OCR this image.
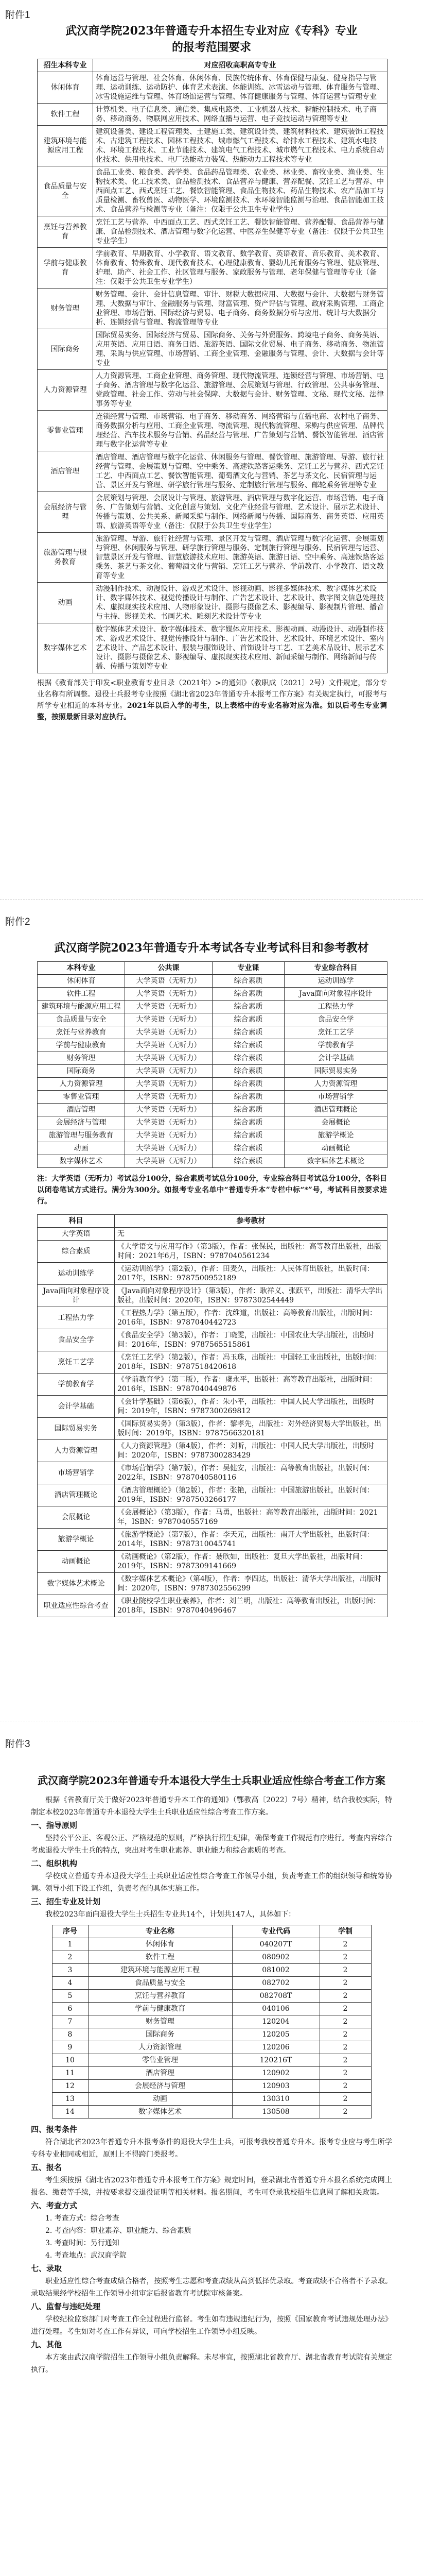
附件1

武汉商学院2023年普通专升本招生专业对应《专科》专业

的报考范围要求

招生本科专业	对应招收高职高专专业
休闲体育	体育运营与管理、社会体育、休闲体育、民族传统体育、体育保健与康复、健身指导与管理、运动训练、运动防护、体育艺术表演、体能训练、冰雪运动与管理、体育服务与管理、冰雪设施运维与管理、体育场馆运营与管理、体育健康服务与管理、体育运营与管理专业
软件工程	计算机类、电子信息类、通信类、集成电路类、工业机器人技术、智能控制技术、电子商务、移动商务、物联网应用技术、网络直播与运营、电子竞技运动与管理等专业
建筑环境与能源应用工程	建筑设备类、建设工程管理类、土建施工类、建筑设计类、建筑材料技术、建筑装饰工程技术、古建筑工程技术、园林工程技术、城市燃气工程技术、给排水工程技术、建筑水电技术、环境工程技术、工业节能技术、建筑电气工程技术、城市燃气工程技术、电力系统自动化技术、供用电技术、电厂热能动力装置、热能动力工程技术等专业
食品质量与安全	食品工业类、粮食类、药学类、食品药品管理类、农业类、林业类、畜牧业类、渔业类、生物技术类、化工技术类、食品检测技术、食品营养与健康、营养配餐、烹饪工艺与营养、中西面点工艺、西式烹饪工艺、餐饮智能管理、食品生物技术、药品生物技术、农产品加工与质量检测、畜牧兽医、动物医学、环境监测技术、水环境智能监测与治理、食品智能加工技术、食品营养与检测等专业（备注：仅限于公共卫生专业学生）
烹饪与营养教育	烹饪工艺与营养、中西面点工艺、西式烹饪工艺、餐饮智能管理、营养配餐、食品营养与健康、食品检测技术、酒店管理与数字化运营、中医养生保健等专业（备注：仅限于公共卫生专业学生）
学前与健康教育	学前教育、早期教育、小学教育、语文教育、数学教育、英语教育、音乐教育、美术教育、体育教育、特殊教育、现代教育技术、心理健康教育、婴幼儿托育服务与管理、健康管理、护理、助产、社会工作、社区管理与服务、家政服务与管理、老年保健与管理等专业（备注：仅限于公共卫生专业学生）
财务管理	财务管理、会计、会计信息管理、审计、财税大数据应用、大数据与会计、大数据与财务管理、大数据与审计、金融服务与管理、财富管理、资产评估与管理、政府采购管理、工商企业管理、市场营销、国际经济与贸易、电子商务、商务数据分析与应用、统计与大数据分析、连锁经营与管理、物流管理等专业
国际商务	国际贸易实务、国际经济与贸易、国际商务、关务与外贸服务、跨境电子商务、商务英语、应用英语、应用日语、商务日语、旅游英语、国际文化贸易、电子商务、移动商务、物流管理、采购与供应管理、市场营销、工商企业管理、金融服务与管理、会计、大数据与会计等专业
人力资源管理	人力资源管理、工商企业管理、商务管理、现代物流管理、连锁经营与管理、市场营销、电子商务、酒店管理与数字化运营、旅游管理、会展策划与管理、行政管理、公共事务管理、党政管理、社会工作、劳动与社会保障、大数据与会计、财务管理、文秘、现代文秘、法律事务等专业
零售业管理	连锁经营与管理、市场营销、电子商务、移动商务、网络营销与直播电商、农村电子商务、商务数据分析与应用、工商企业管理、物流管理、现代物流管理、采购与供应管理、品牌代理经营、汽车技术服务与营销、药品经营与管理、广告策划与营销、餐饮智能管理、酒店管理与数字化运营等专业
酒店管理	酒店管理、酒店管理与数字化运营、休闲服务与管理、餐饮管理、旅游管理、导游、旅行社经营与管理、会展策划与管理、空中乘务、高速铁路客运乘务、烹饪工艺与营养、西式烹饪工艺、中西面点工艺、餐饮智能管理、葡萄酒文化与营销、茶艺与茶文化、民宿管理与运营、景区开发与管理、研学旅行管理与服务、定制旅行管理与服务、邮轮乘务管理等专业
会展经济与管理	会展策划与管理、会展设计与管理、旅游管理、酒店管理与数字化运营、市场营销、电子商务、广告策划与营销、文化创意与策划、文化产业经营与管理、艺术设计、展示艺术设计、传播与策划、公共关系、新闻采编与制作、网络新闻与传播、国际商务、商务英语、应用英语、旅游英语等专业（备注：仅限于公共卫生专业学生）
旅游管理与服务教育	旅游管理、导游、旅行社经营与管理、景区开发与管理、酒店管理与数字化运营、会展策划与管理、休闲服务与管理、研学旅行管理与服务、定制旅行管理与服务、民宿管理与运营、智慧景区开发与管理、智慧旅游技术应用、旅游英语、旅游日语、空中乘务、高速铁路客运乘务、茶艺与茶文化、葡萄酒文化与营销、烹饪工艺与营养、学前教育、小学教育、语文教育等专业
动画	动漫制作技术、动漫设计、游戏艺术设计、影视动画、影视多媒体技术、数字媒体艺术设计、数字媒体技术、视觉传播设计与制作、广告艺术设计、艺术设计、数字图文信息处理技术、虚拟现实技术应用、人物形象设计、摄影与摄像艺术、影视编导、影视制片管理、播音与主持、影视美术、书画艺术、雕刻艺术设计等专业
数字媒体艺术	数字媒体艺术设计、数字媒体技术、数字媒体应用技术、影视动画、动漫设计、动漫制作技术、游戏艺术设计、视觉传播设计与制作、广告艺术设计、艺术设计、环境艺术设计、室内艺术设计、产品艺术设计、服装与服饰设计、首饰设计与工艺、工艺美术品设计、展示艺术设计、摄影与摄像艺术、影视编导、虚拟现实技术应用、新闻采编与制作、网络新闻与传播、传播与策划等专业
根据《教育部关于印发<职业教育专业目录（2021年）>的通知》（教职成〔2021〕2号）文件规定，部分专业名称有所调整。退役士兵报考专业按照《湖北省2023年普通专升本报考工作方案》有关规定执行，可报考与所学专业相近的本科专业。2021年以后入学的考生，以上表格中的专业名称对应为准。如以后考生专业调整，按照最新目录对应执行。
附件2

武汉商学院2023年普通专升本考试各专业考试科目和参考教材

本科专业	公共课	专业课	专业综合科目
休闲体育	大学英语（无听力）	综合素质	运动训练学
软件工程	大学英语（无听力）	综合素质	Java面向对象程序设计
建筑环境与能源应用工程	大学英语（无听力）	综合素质	工程热力学
食品质量与安全	大学英语（无听力）	综合素质	食品安全学
烹饪与营养教育	大学英语（无听力）	综合素质	烹饪工艺学
学前与健康教育	大学英语（无听力）	综合素质	学前教育学
财务管理	大学英语（无听力）	综合素质	会计学基础
国际商务	大学英语（无听力）	综合素质	国际贸易实务
人力资源管理	大学英语（无听力）	综合素质	人力资源管理
零售业管理	大学英语（无听力）	综合素质	市场营销学
酒店管理	大学英语（无听力）	综合素质	酒店管理概论
会展经济与管理	大学英语（无听力）	综合素质	会展概论
旅游管理与服务教育	大学英语（无听力）	综合素质	旅游学概论
动画	大学英语（无听力）	综合素质	动画概论
数字媒体艺术	大学英语（无听力）	综合素质	数字媒体艺术概论
注：大学英语（无听力）考试总分100分，综合素质考试总分100分，专业综合科目考试总分100分，各科目以闭卷笔试方式进行。满分为300分。如报考专业名单中“普通专升本”专栏中标“*”号，考试科目按要求进行。
科目	参考教材
大学英语	无
综合素质	《大学语文与应用写作》（第3版），作者：张保民，出版社：高等教育出版社，出版时间：2021年6月，ISBN：9787040561234
运动训练学	《运动训练学》（第2版），作者：田麦久，出版社：人民体育出版社，出版时间：2017年，ISBN：9787500952189
Java面向对象程序设计	《Java面向对象程序设计》（第3版），作者：耿祥义、张跃平，出版社：清华大学出版社，出版时间：2020年，ISBN：9787302544449
工程热力学	《工程热力学》（第五版），作者：沈维道，出版社：高等教育出版社，出版时间：2016年，ISBN：9787040442723
食品安全学	《食品安全学》（第3版），作者：丁晓雯，出版社：中国农业大学出版社，出版时间：2016年，ISBN：9787565515861
烹饪工艺学	《烹饪工艺学》（第2版），作者：冯玉珠，出版社：中国轻工业出版社，出版时间：2018年，ISBN：9787518420618
学前教育学	《学前教育学》（第二版），作者：虞永平，出版社：高等教育出版社，出版时间：2016年，ISBN：9787040449876
会计学基础	《会计学基础》（第6版），作者：朱小平，出版社：中国人民大学出版社，出版时间：2019年，ISBN：9787300269812
国际贸易实务	《国际贸易实务》（第3版），作者：黎孝先，出版社：对外经济贸易大学出版社，出版时间：2019年，ISBN：9787566320181
人力资源管理	《人力资源管理》（第4版），作者：刘昕，出版社：中国人民大学出版社，出版时间：2020年，ISBN：9787300283429
市场营销学	《市场营销学》（第7版），作者：吴健安，出版社：高等教育出版社，出版时间：2022年，ISBN：9787040580116
酒店管理概论	《酒店管理概论》（第2版），作者：张艳，出版社：中国旅游出版社，出版时间：2019年，ISBN：9787503266177
会展概论	《会展概论》（第3版），作者：马勇，出版社：高等教育出版社，出版时间：2021年，ISBN：9787040557169
旅游学概论	《旅游学概论》（第7版），作者：李天元，出版社：南开大学出版社，出版时间：2014年，ISBN：9787310045741
动画概论	《动画概论》（第2版），作者：聂欣如，出版社：复旦大学出版社，出版时间：2019年，ISBN：9787309141669
数字媒体艺术概论	《数字媒体艺术概论》（第4版），作者：李四达，出版社：清华大学出版社，出版时间：2020年，ISBN：9787302556299
职业适应性综合考查	《职业院校学生职业素养》，作者：刘兰明，出版社：高等教育出版社，出版时间：2018年，ISBN：9787040496467
附件3

武汉商学院2023年普通专升本退役大学生士兵职业适应性综合考查工作方案

根据《省教育厅关于做好2023年普通专升本工作的通知》（鄂教高〔2022〕7号）精神，结合我校实际，特制定本校2023年普通专升本退役大学生士兵职业适应性综合考查工作方案。

一、指导原则

坚持公平公正、客观公正、严格规范的原则，严格执行招生纪律，确保考查工作规范有序进行。考查内容综合考虑退役大学生士兵的特点，突出对考生职业素养、职业能力和综合素质的考查。

二、组织机构

学校成立普通专升本退役大学生士兵职业适应性综合考查工作领导小组，负责考查工作的组织领导和统筹协调。领导小组下设工作组，负责考查的具体实施工作。

三、招生专业及计划

我校2023年面向退役大学生士兵招生专业共14个，计划共147人，具体如下：

序号	专业名称	专业代码	学制
1	休闲体育	040207T	2
2	软件工程	080902	2
3	建筑环境与能源应用工程	081002	2
4	食品质量与安全	082702	2
5	烹饪与营养教育	082708T	2
6	学前与健康教育	040106	2
7	财务管理	120204	2
8	国际商务	120205	2
9	人力资源管理	120206	2
10	零售业管理	120216T	2
11	酒店管理	120902	2
12	会展经济与管理	120903	2
13	动画	130310	2
14	数字媒体艺术	130508	2
四、报考条件

符合湖北省2023年普通专升本报考条件的退役大学生士兵，可报考我校普通专升本。报考专业应与考生所学专科专业相同或相近，原则上不得跨门类报考。

五、报名

考生须按照《湖北省2023年普通专升本报考工作方案》规定时间，登录湖北省普通专升本报名系统完成网上报名、缴费等手续，并按要求提交退役证明等相关材料。报名期间，考生可登录我校招生信息网了解相关政策。

六、考查方式

1. 考查方式：综合考查

2. 考查内容：职业素养、职业能力、综合素质

3. 考查时间：另行通知

4. 考查地点：武汉商学院

七、录取

职业适应性综合考查成绩合格者，按照考生志愿和考查成绩从高到低择优录取。考查成绩不合格者不予录取。录取结果经学校招生工作领导小组审定后报省教育考试院审核备案。

八、监督与违纪处理

学校纪检监察部门对考查工作全过程进行监督。考生如有违规违纪行为，按照《国家教育考试违规处理办法》进行处理。考生如对考查工作有异议，可向学校招生工作领导小组反映。

九、其他

本方案由武汉商学院招生工作领导小组负责解释。未尽事宜，按照湖北省教育厅、湖北省教育考试院有关规定执行。
